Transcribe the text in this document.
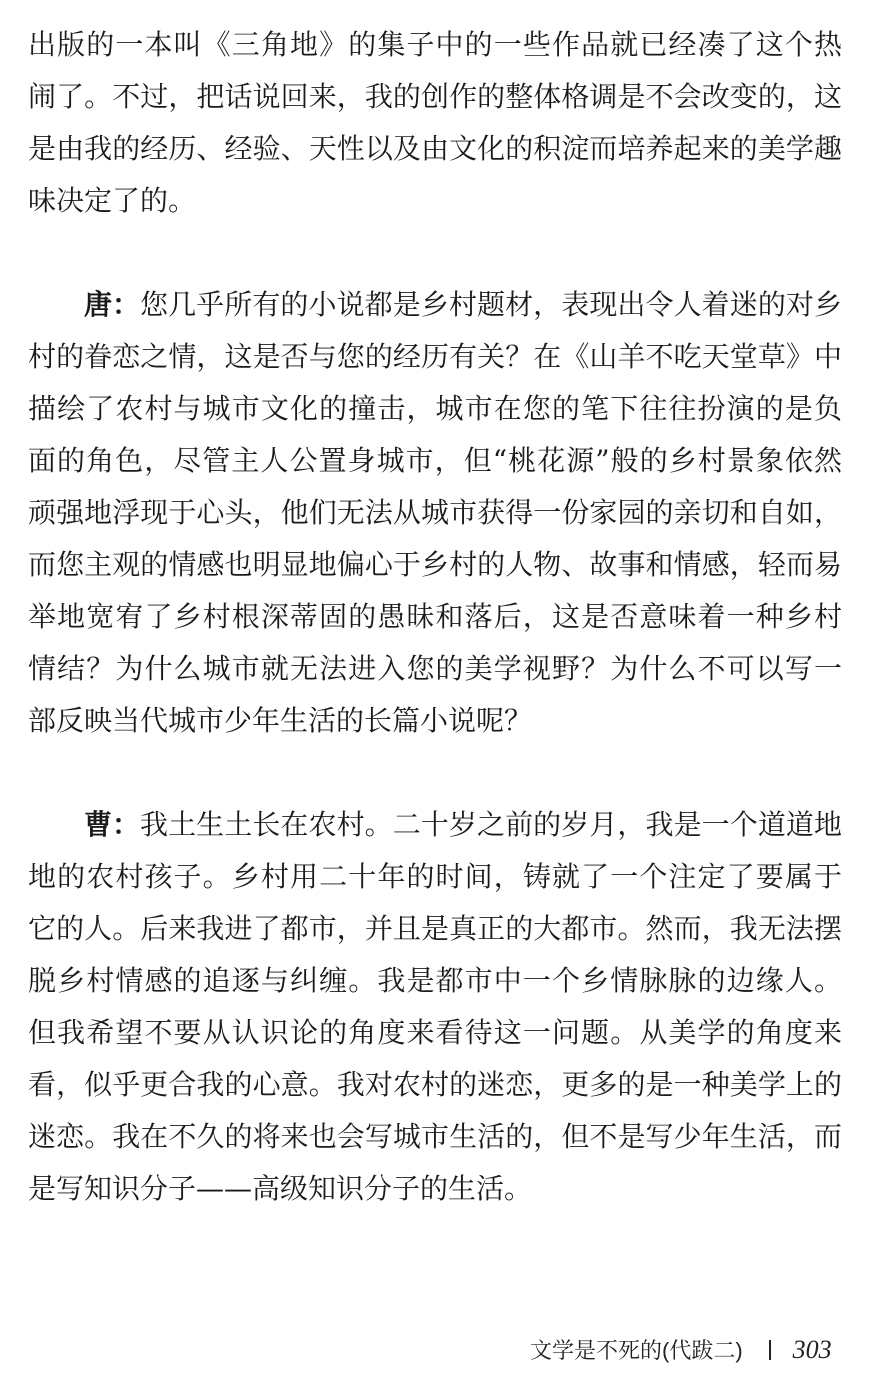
出版的一本叫《三角地》的集子中的一些作品就已经凑了这个热
闹了。不过，把话说回来，我的创作的整体格调是不会改变的，这
是由我的经历、经验、天性以及由文化的积淀而培养起来的美学趣
味决定了的。
唐： 您几乎所有的小说都是乡村题材，表现出令人着迷的对乡
村的眷恋之情，这是否与您的经历有关？在《山羊不吃天堂草》中
描绘了农村与城市文化的撞击，城市在您的笔下往往扮演的是负
面的角色，尽管主人公置身城市，但“桃花源”般的乡村景象依然
顽强地浮现于心头，他们无法从城市获得一份家园的亲切和自如，
而您主观的情感也明显地偏心于乡村的人物、故事和情感，轻而易
举地宽宥了乡村根深蒂固的愚昧和落后，这是否意味着一种乡村
情结？为什么城市就无法进入您的美学视野？为什么不可以写一
部反映当代城市少年生活的长篇小说呢？
曹： 我土生土长在农村。二十岁之前的岁月，我是一个道道地
地的农村孩子。乡村用二十年的时间，铸就了一个注定了要属于
它的人。后来我进了都市，并且是真正的大都市。然而，我无法摆
脱乡村情感的追逐与纠缠。我是都市中一个乡情脉脉的边缘人。
但我希望不要从认识论的角度来看待这一问题。从美学的角度来
看，似乎更合我的心意。我对农村的迷恋，更多的是一种美学上的
迷恋。我在不久的将来也会写城市生活的，但不是写少年生活，而
是写知识分子——高级知识分子的生活。
文学是不死的(代跋二) 303
